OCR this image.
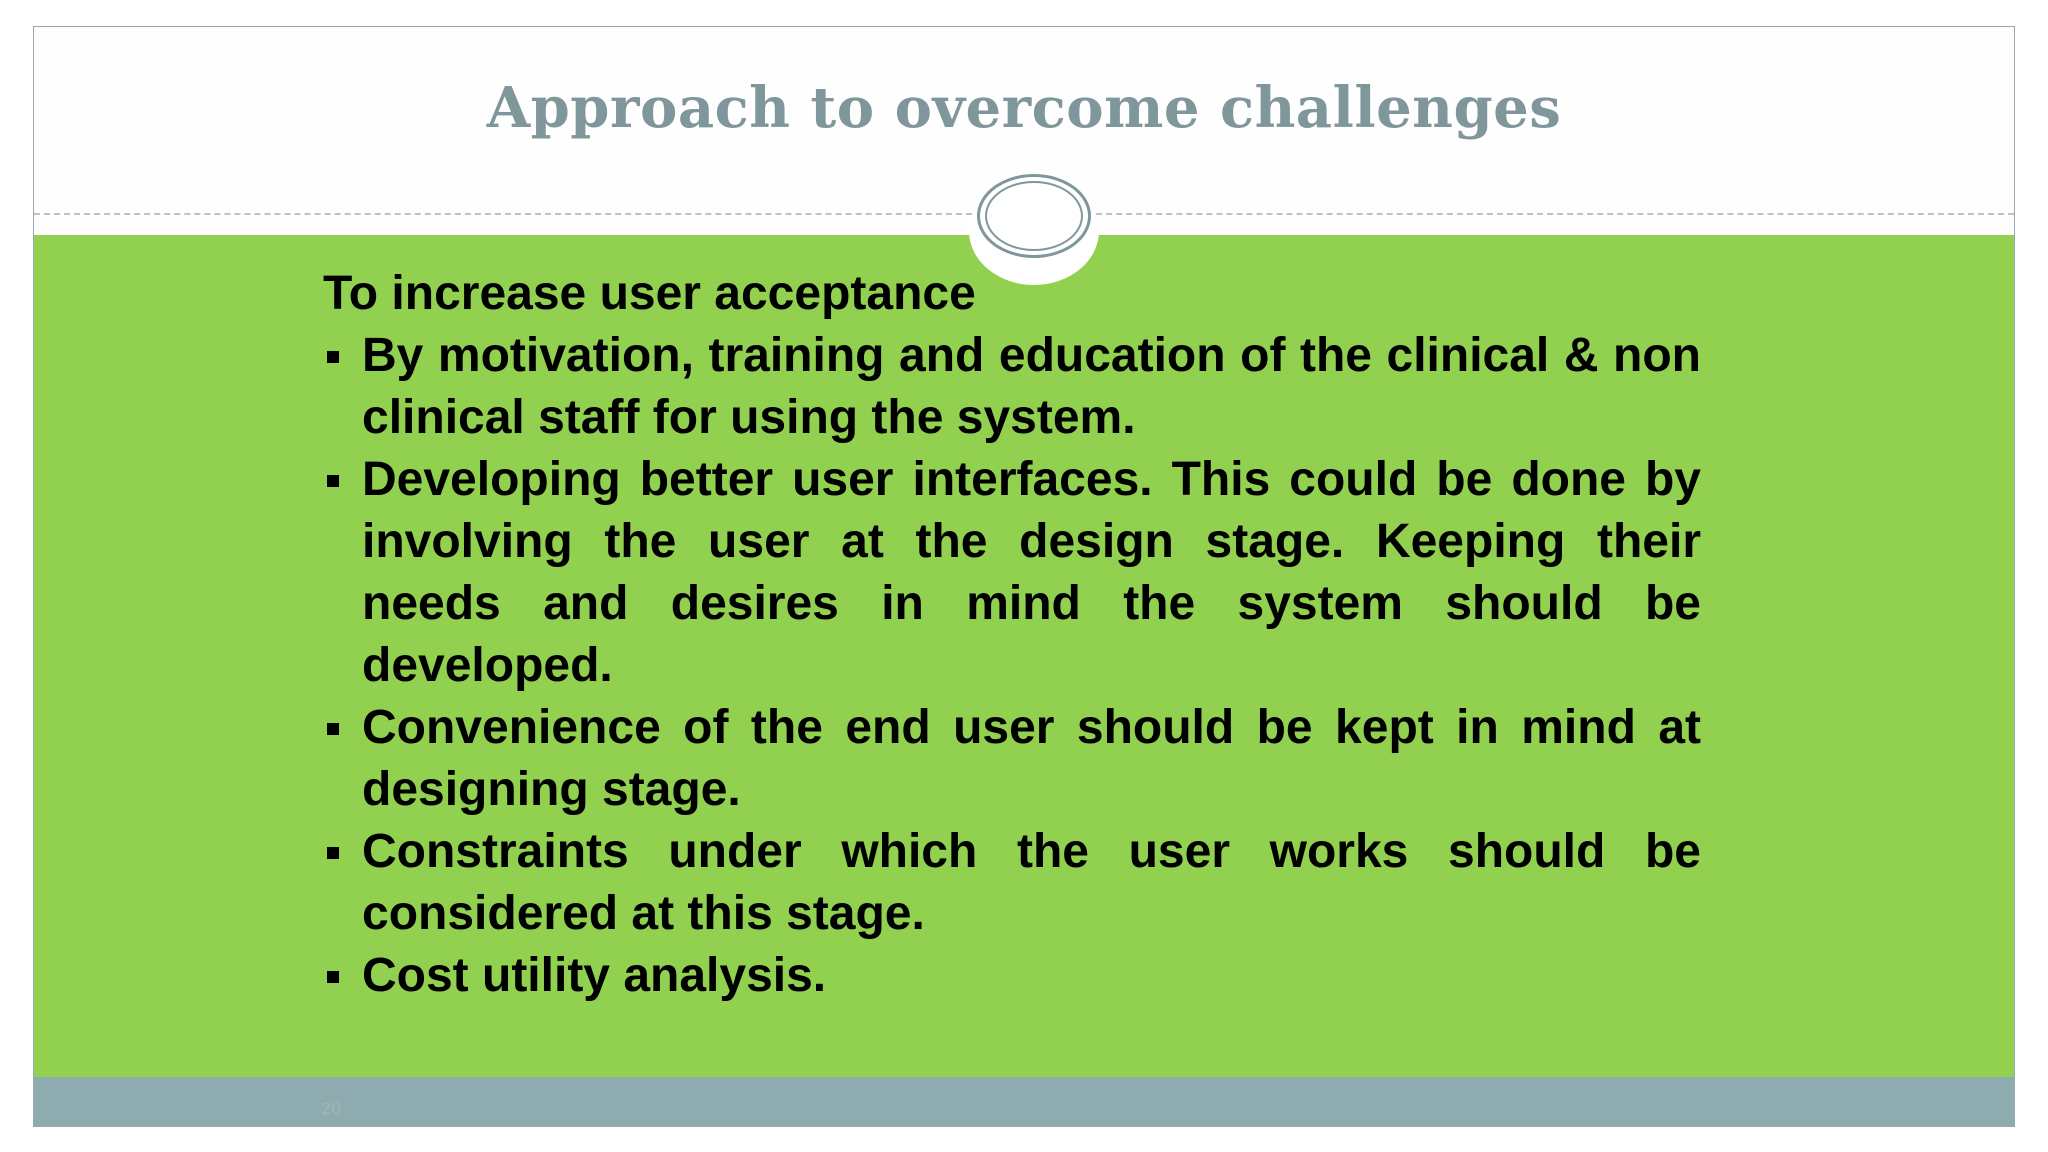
Approach to overcome challenges

To increase user acceptance

By motivation, training and education of the clinical & non clinical staff for using the system.
Developing better user interfaces. This could be done by involving the user at the design stage. Keeping their needs and desires in mind the system should be developed.
Convenience of the end user should be kept in mind at designing stage.
Constraints under which the user works should be considered at this stage.
Cost utility analysis.
20
